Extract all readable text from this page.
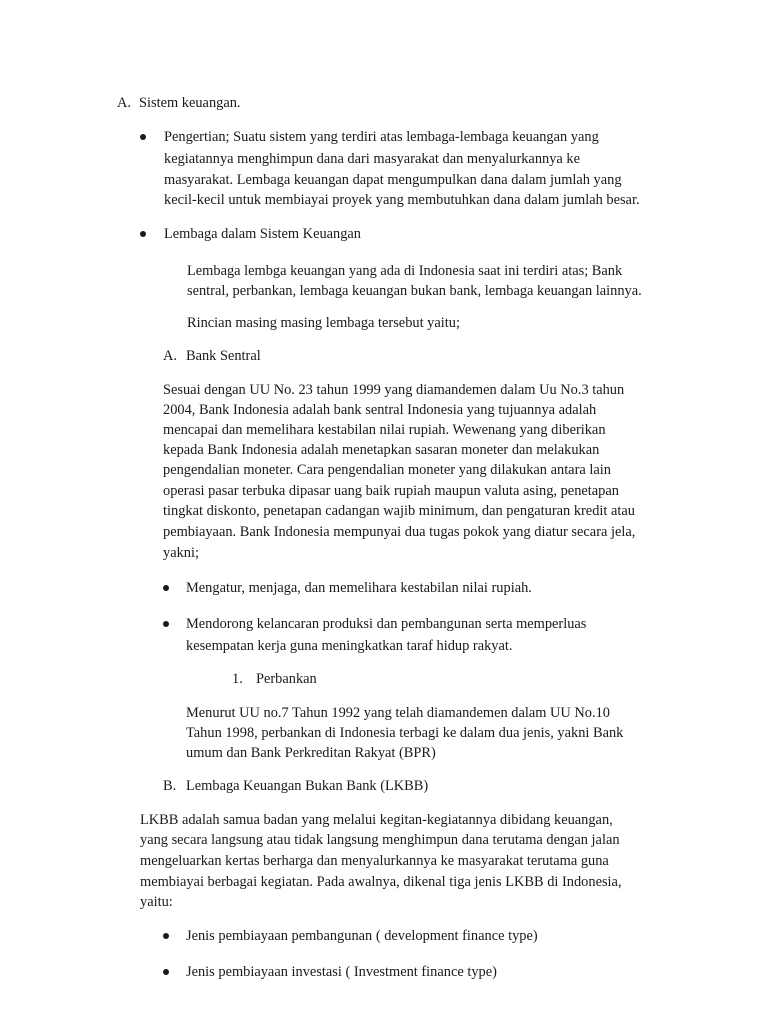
A. Sistem keuangan.
Pengertian; Suatu sistem yang terdiri atas lembaga-lembaga keuangan yang
kegiatannya menghimpun dana dari masyarakat dan menyalurkannya ke
masyarakat. Lembaga keuangan dapat mengumpulkan dana dalam jumlah yang
kecil-kecil untuk membiayai proyek yang membutuhkan dana dalam jumlah besar.
Lembaga dalam Sistem Keuangan
Lembaga lembga keuangan yang ada di Indonesia saat ini terdiri atas; Bank
sentral, perbankan, lembaga keuangan bukan bank, lembaga keuangan lainnya.
Rincian masing masing lembaga tersebut yaitu;
A. Bank Sentral
Sesuai dengan UU No. 23 tahun 1999 yang diamandemen dalam Uu No.3 tahun
2004, Bank Indonesia adalah bank sentral Indonesia yang tujuannya adalah
mencapai dan memelihara kestabilan nilai rupiah. Wewenang yang diberikan
kepada Bank Indonesia adalah menetapkan sasaran moneter dan melakukan
pengendalian moneter. Cara pengendalian moneter yang dilakukan antara lain
operasi pasar terbuka dipasar uang baik rupiah maupun valuta asing, penetapan
tingkat diskonto, penetapan cadangan wajib minimum, dan pengaturan kredit atau
pembiayaan. Bank Indonesia mempunyai dua tugas pokok yang diatur secara jela,
yakni;
Mengatur, menjaga, dan memelihara kestabilan nilai rupiah.
Mendorong kelancaran produksi dan pembangunan serta memperluas
kesempatan kerja guna meningkatkan taraf hidup rakyat.
1. Perbankan
Menurut UU no.7 Tahun 1992 yang telah diamandemen dalam UU No.10
Tahun 1998, perbankan di Indonesia terbagi ke dalam dua jenis, yakni Bank
umum dan Bank Perkreditan Rakyat (BPR)
B. Lembaga Keuangan Bukan Bank (LKBB)
LKBB adalah samua badan yang melalui kegitan-kegiatannya dibidang keuangan,
yang secara langsung atau tidak langsung menghimpun dana terutama dengan jalan
mengeluarkan kertas berharga dan menyalurkannya ke masyarakat terutama guna
membiayai berbagai kegiatan. Pada awalnya, dikenal tiga jenis LKBB di Indonesia,
yaitu:
Jenis pembiayaan pembangunan ( development finance type)
Jenis pembiayaan investasi ( Investment finance type)
